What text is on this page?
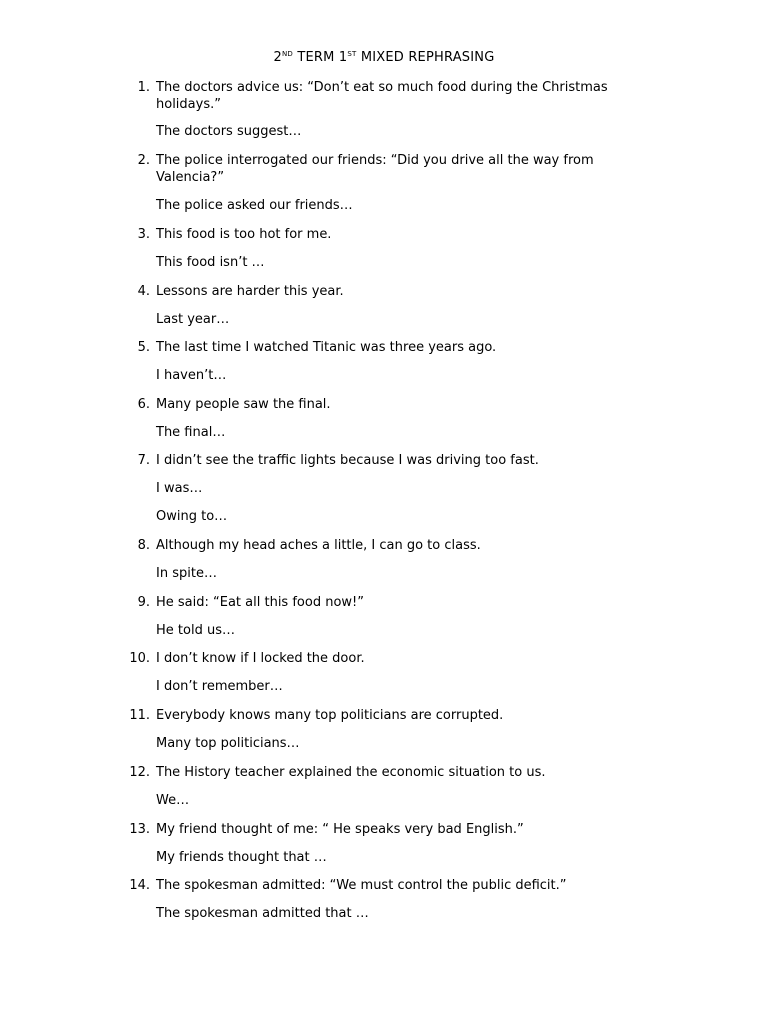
2ND TERM 1ST MIXED REPHRASING
1. The doctors advice us: “Don’t eat so much food during the Christmas holidays.”
The doctors suggest…
2. The police interrogated our friends: “Did you drive all the way from Valencia?”
The police asked our friends…
3. This food is too hot for me.
This food isn’t …
4. Lessons are harder this year.
Last year…
5. The last time I watched Titanic was three years ago.
I haven’t…
6. Many people saw the final.
The final…
7. I didn’t see the traffic lights because I was driving too fast.
I was…
Owing to…
8. Although my head aches a little, I can go to class.
In spite…
9. He said: “Eat all this food now!”
He told us…
10. I don’t know if I locked the door.
I don’t remember…
11. Everybody knows many top politicians are corrupted.
Many top politicians…
12. The History teacher explained the economic situation to us.
We…
13. My friend thought of me: “ He speaks very bad English.”
My friends thought that …
14. The spokesman admitted: “We must control the public deficit.”
The spokesman admitted that …
